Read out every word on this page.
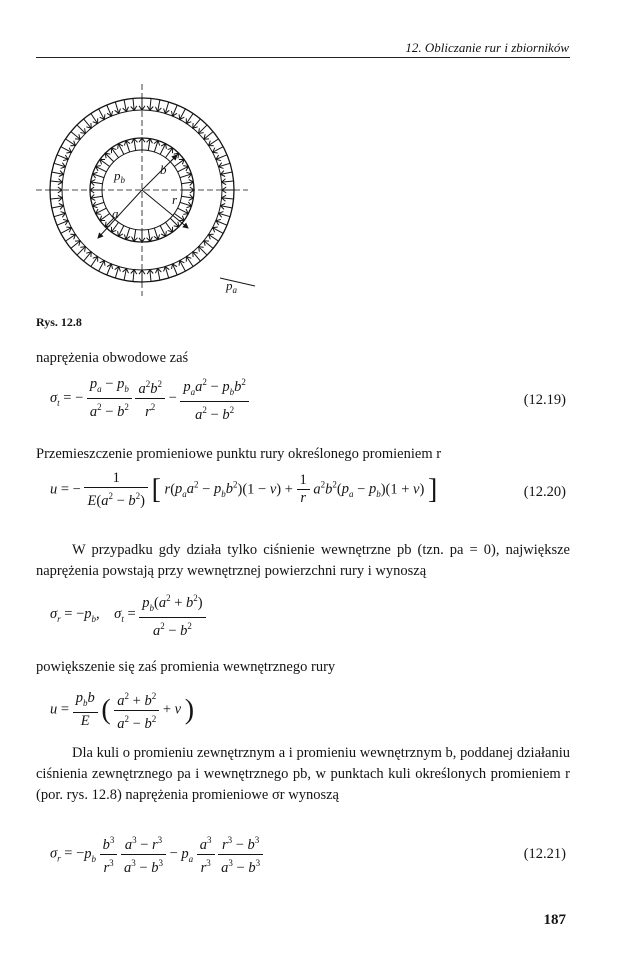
12. Obliczanie rur i zbiorników
$p_b$
b
a
r
$p_a$
Rys. 12.8
naprężenia obwodowe zaś
$\sigma_t$ = − $\frac{p_a - p_b}{a^2 - b^2}$
$\frac{a^2b^2}{r^2} - \frac{p_aa^2 - p_bb^2}{a^2 - b^2}$	(12.19)
Przemieszczenie promieniowe punktu rury określonego promieniem r
u = − $\frac{1}{E(a^2 - b^2)}$ [ $r(p_aa^2 - p_bb^2)(1 - \nu) + \frac{1}{r} a^2b^2(p_a - p_b)(1 + \nu)$ ]	(12.20)
W przypadku gdy działa tylko ciśnienie wewnętrzne pb (tzn. pa = 0), największe naprężenia powstają przy wewnętrznej powierzchni rury i wynoszą
$\sigma_r = -p_b$,    $\sigma_t = \frac{p_b(a^2 + b^2)}{a^2 - b^2}$
powiększenie się zaś promienia wewnętrznego rury
$u = \frac{p_bb}{E}$ ( $\frac{a^2 + b^2}{a^2 - b^2} + \nu$ )
Dla kuli o promieniu zewnętrznym a i promieniu wewnętrznym b, poddanej działaniu ciśnienia zewnętrznego pa i wewnętrznego pb, w punktach kuli określonych promieniem r (por. rys. 12.8) naprężenia promieniowe σr wynoszą
$\sigma_r = -p_b \frac{b^3}{r^3}$
$\frac{a^3 - r^3}{a^3 - b^3} - p_a \frac{a^3}{r^3}$
$\frac{r^3 - b^3}{a^3 - b^3}$	(12.21)
187
